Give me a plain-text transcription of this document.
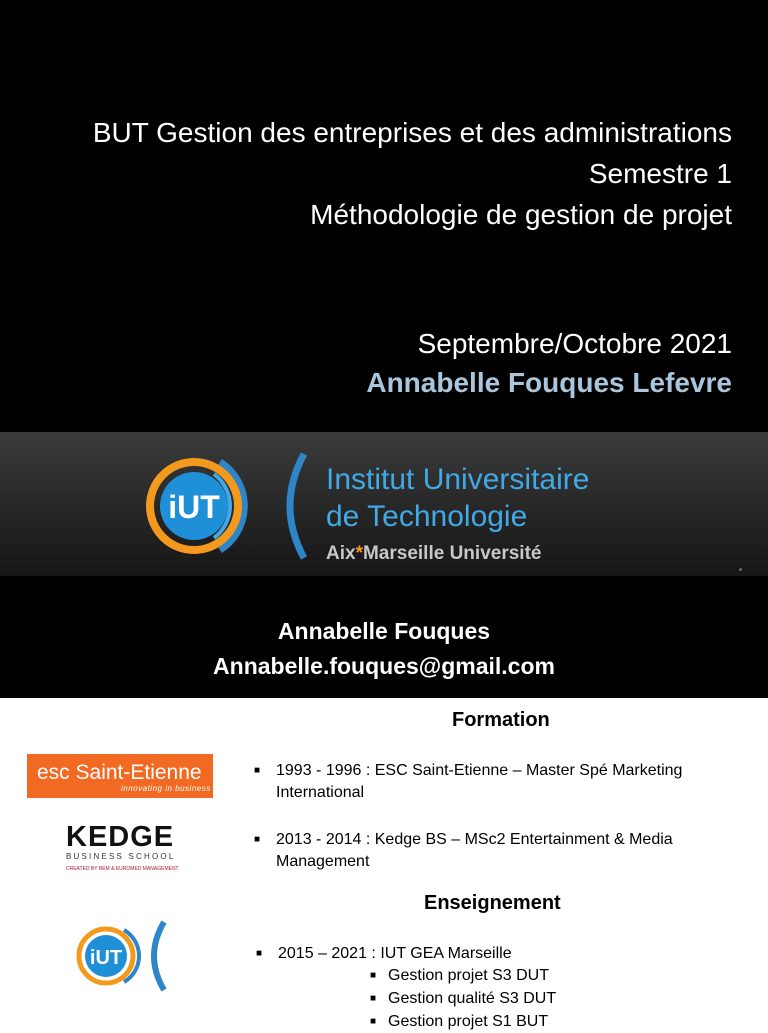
BUT Gestion des entreprises et des administrations
Semestre 1
Méthodologie de gestion de projet
Septembre/Octobre 2021
Annabelle Fouques Lefevre
iUT
Institut Universitaire
de Technologie
Aix*Marseille Université
Annabelle Fouques
Annabelle.fouques@gmail.com
Formation
esc Saint-Etienne
innovating in business
KEDGE
BUSINESS SCHOOL
CREATED BY BEM & EUROMED MANAGEMENT
iUT
■ 1993 - 1996 : ESC Saint-Etienne – Master Spé Marketing
International
■ 2013 - 2014 : Kedge BS – MSc2 Entertainment & Media
Management
Enseignement
■ 2015 – 2021 : IUT GEA Marseille
■ Gestion projet S3 DUT
■ Gestion qualité S3 DUT
■ Gestion projet S1 BUT
